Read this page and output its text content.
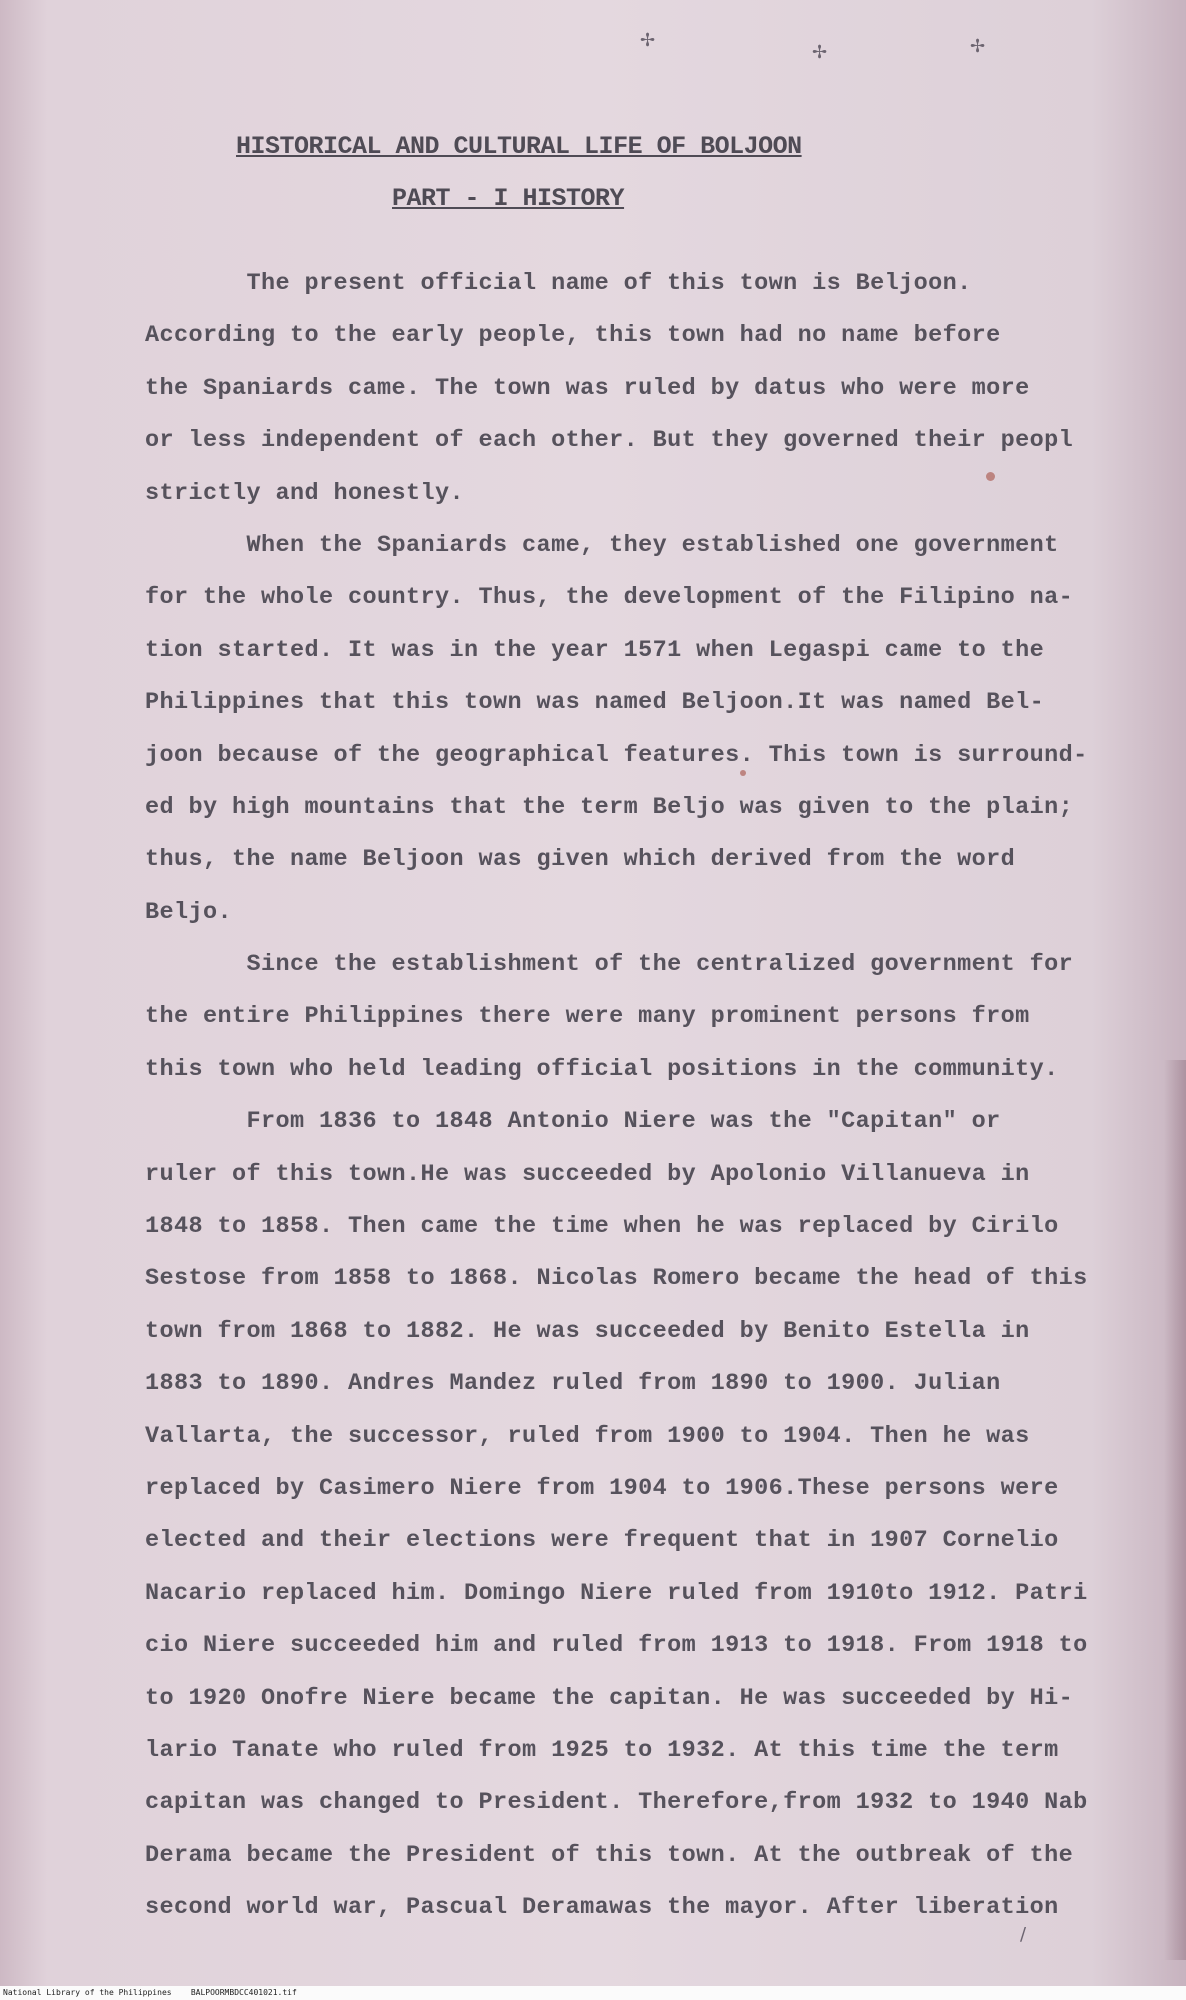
HISTORICAL AND CULTURAL LIFE OF BOLJOON
PART - I HISTORY
The present official name of this town is Beljoon.
According to the early people, this town had no name before
the Spaniards came. The town was ruled by datus who were more
or less independent of each other. But they governed their peopl
strictly and honestly.
When the Spaniards came, they established one government
for the whole country. Thus, the development of the Filipino na-
tion started. It was in the year 1571 when Legaspi came to the
Philippines that this town was named Beljoon.It was named Bel-
joon because of the geographical features. This town is surround-
ed by high mountains that the term Beljo was given to the plain;
thus, the name Beljoon was given which derived from the word
Beljo.
Since the establishment of the centralized government for
the entire Philippines there were many prominent persons from
this town who held leading official positions in the community.
From 1836 to 1848 Antonio Niere was the "Capitan" or
ruler of this town.He was succeeded by Apolonio Villanueva in
1848 to 1858. Then came the time when he was replaced by Cirilo
Sestose from 1858 to 1868. Nicolas Romero became the head of this
town from 1868 to 1882. He was succeeded by Benito Estella in
1883 to 1890. Andres Mandez ruled from 1890 to 1900. Julian
Vallarta, the successor, ruled from 1900 to 1904. Then he was
replaced by Casimero Niere from 1904 to 1906.These persons were
elected and their elections were frequent that in 1907 Cornelio
Nacario replaced him. Domingo Niere ruled from 1910to 1912. Patri
cio Niere succeeded him and ruled from 1913 to 1918. From 1918 to
to 1920 Onofre Niere became the capitan. He was succeeded by Hi-
lario Tanate who ruled from 1925 to 1932. At this time the term
capitan was changed to President. Therefore,from 1932 to 1940 Nab
Derama became the President of this town. At the outbreak of the
second world war, Pascual Deramawas the mayor. After liberation
✢
✢	✢
/
National Library of the Philippines    BALPOORMBDCC401021.tif
